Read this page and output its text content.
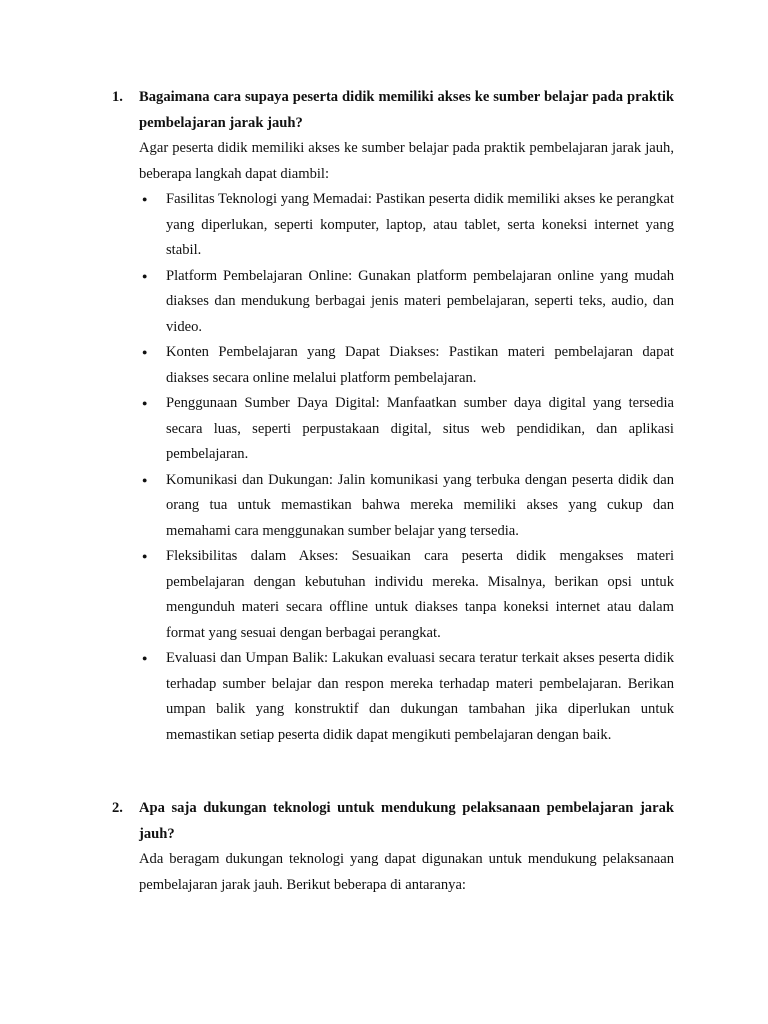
1.	Bagaimana cara supaya peserta didik memiliki akses ke sumber belajar pada praktik pembelajaran jarak jauh?
Agar peserta didik memiliki akses ke sumber belajar pada praktik pembelajaran jarak jauh, beberapa langkah dapat diambil:
●	Fasilitas Teknologi yang Memadai: Pastikan peserta didik memiliki akses ke perangkat yang diperlukan, seperti komputer, laptop, atau tablet, serta koneksi internet yang stabil.
●	Platform Pembelajaran Online: Gunakan platform pembelajaran online yang mudah diakses dan mendukung berbagai jenis materi pembelajaran, seperti teks, audio, dan video.
●	Konten Pembelajaran yang Dapat Diakses: Pastikan materi pembelajaran dapat diakses secara online melalui platform pembelajaran.
●	Penggunaan Sumber Daya Digital: Manfaatkan sumber daya digital yang tersedia secara luas, seperti perpustakaan digital, situs web pendidikan, dan aplikasi pembelajaran.
●	Komunikasi dan Dukungan: Jalin komunikasi yang terbuka dengan peserta didik dan orang tua untuk memastikan bahwa mereka memiliki akses yang cukup dan memahami cara menggunakan sumber belajar yang tersedia.
●	Fleksibilitas dalam Akses: Sesuaikan cara peserta didik mengakses materi pembelajaran dengan kebutuhan individu mereka. Misalnya, berikan opsi untuk mengunduh materi secara offline untuk diakses tanpa koneksi internet atau dalam format yang sesuai dengan berbagai perangkat.
●	Evaluasi dan Umpan Balik: Lakukan evaluasi secara teratur terkait akses peserta didik terhadap sumber belajar dan respon mereka terhadap materi pembelajaran. Berikan umpan balik yang konstruktif dan dukungan tambahan jika diperlukan untuk memastikan setiap peserta didik dapat mengikuti pembelajaran dengan baik.
2.	Apa saja dukungan teknologi untuk mendukung pelaksanaan pembelajaran jarak jauh?
Ada beragam dukungan teknologi yang dapat digunakan untuk mendukung pelaksanaan pembelajaran jarak jauh. Berikut beberapa di antaranya:
